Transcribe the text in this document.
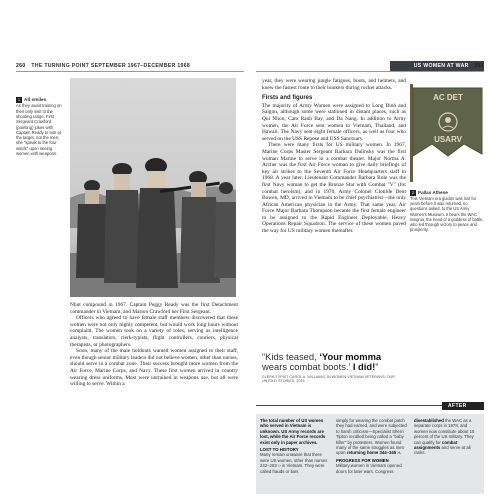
260 THE TURNING POINT SEPTEMBER 1967–DECEMBER 1968	US WOMEN AT WAR 261
1 All smiles
As they await training on their only visit to the shooting range, First Sergeant Crawford (pointing) jokes with Captain Ready to aim at the target, not the men; she "speak to the four winds" upon seeing women with weapons.

Nhut compound in 1967. Captain Peggy Ready was the first Detachment commander in Vietnam, and Marion Crawford her First Sergeant.

Officers who agreed to have female staff members discovered that these women were not only highly competent, but would work long hours without complaint. The women took on a variety of roles, serving as intelligence analysts, translators, clerk-typists, flight controllers, couriers, physical therapists, or photographers.

Soon, many of the male holdouts wanted women assigned to their staff, even though senior military leaders did not believe women, other than nurses, should serve in a combat zone. Their success brought more women from the Air Force, Marine Corps, and Navy. These first women arrived in country wearing dress uniforms. Most were untrained in weapons use, but all were willing to serve. Within a

year, they were wearing jungle fatigues, boots, and helmets, and knew the fastest route to their bunkers during rocket attacks.

Firsts and figures

The majority of Army Women were assigned to Long Binh and Saigon, although some were stationed in distant places, such as Qui Nhon, Cam Ranh Bay, and Da Nang. In addition to Army women, the Air Force sent women to Vietnam, Thailand, and Hawaii. The Navy sent eight female officers, as well as four who served on the USS Repose and USS Sanctuary.

There were many firsts for US military women. In 1967, Marine Corps Master Sergeant Barbara Dulinsky was the first woman Marine to serve in a combat theater. Major Norma A. Archer was the first Air Force woman to give daily briefings of key air strikes to the Seventh Air Force Headquarters staff in 1968. A year later, Lieutenant Commander Barbara Bole was the first Navy woman to get the Bronze Star with Combat "V" (for combat heroism), and in 1970, Army Colonel Clotilde Dent Bowen, MD, arrived in Vietnam to be chief psychiatrist—the only African American physician in the Army. That same year, Air Force Major Barbara Thompson became the first female engineer to be assigned to the Rapid Engineer Deployable, Heavy Operations Repair Squadron. The service of these women paved the way for US military women thereafter.

“Kids teased, ‘Your momma wears combat boots.’ I did!”
CLERK-TYPIST CAROL A. WILLIAMS, IN WOMEN VIETNAM VETERANS: OUR UNTOLD STORIES, 2015
AC DET
USARV
2 Pallas Athene
This Vietnam era guidon was lost for years before it was returned, no questions asked, to the US Army Women's Museum. It bears the WAC insignia, the head of a goddess of battle, who led through victory to peace and prosperity.
AFTER
The total number of US women who served in Vietnam is unknown. US Army records are lost, while the Air Force records exist only in paper archives.
LOST TO HISTORY
Many remain unaware that there were US women, other than nurses 242–263 ›› in Vietnam. They were called frauds or liars
simply for wearing the combat patch they had earned, and were subjected to harsh criticism—Specialist Sherri Tipton recalled being called a "baby killer" by protesters. Women found many of the same struggles as men upon returning home 344–345 ››.
PROGRESS FOR WOMEN
Military women in Vietnam opened doors for later wars. Congress
disestablished the WAC as a separate corps in 1978, and women now constitute about 15 percent of the US military. They can qualify for combat assignments and serve at all ranks.
